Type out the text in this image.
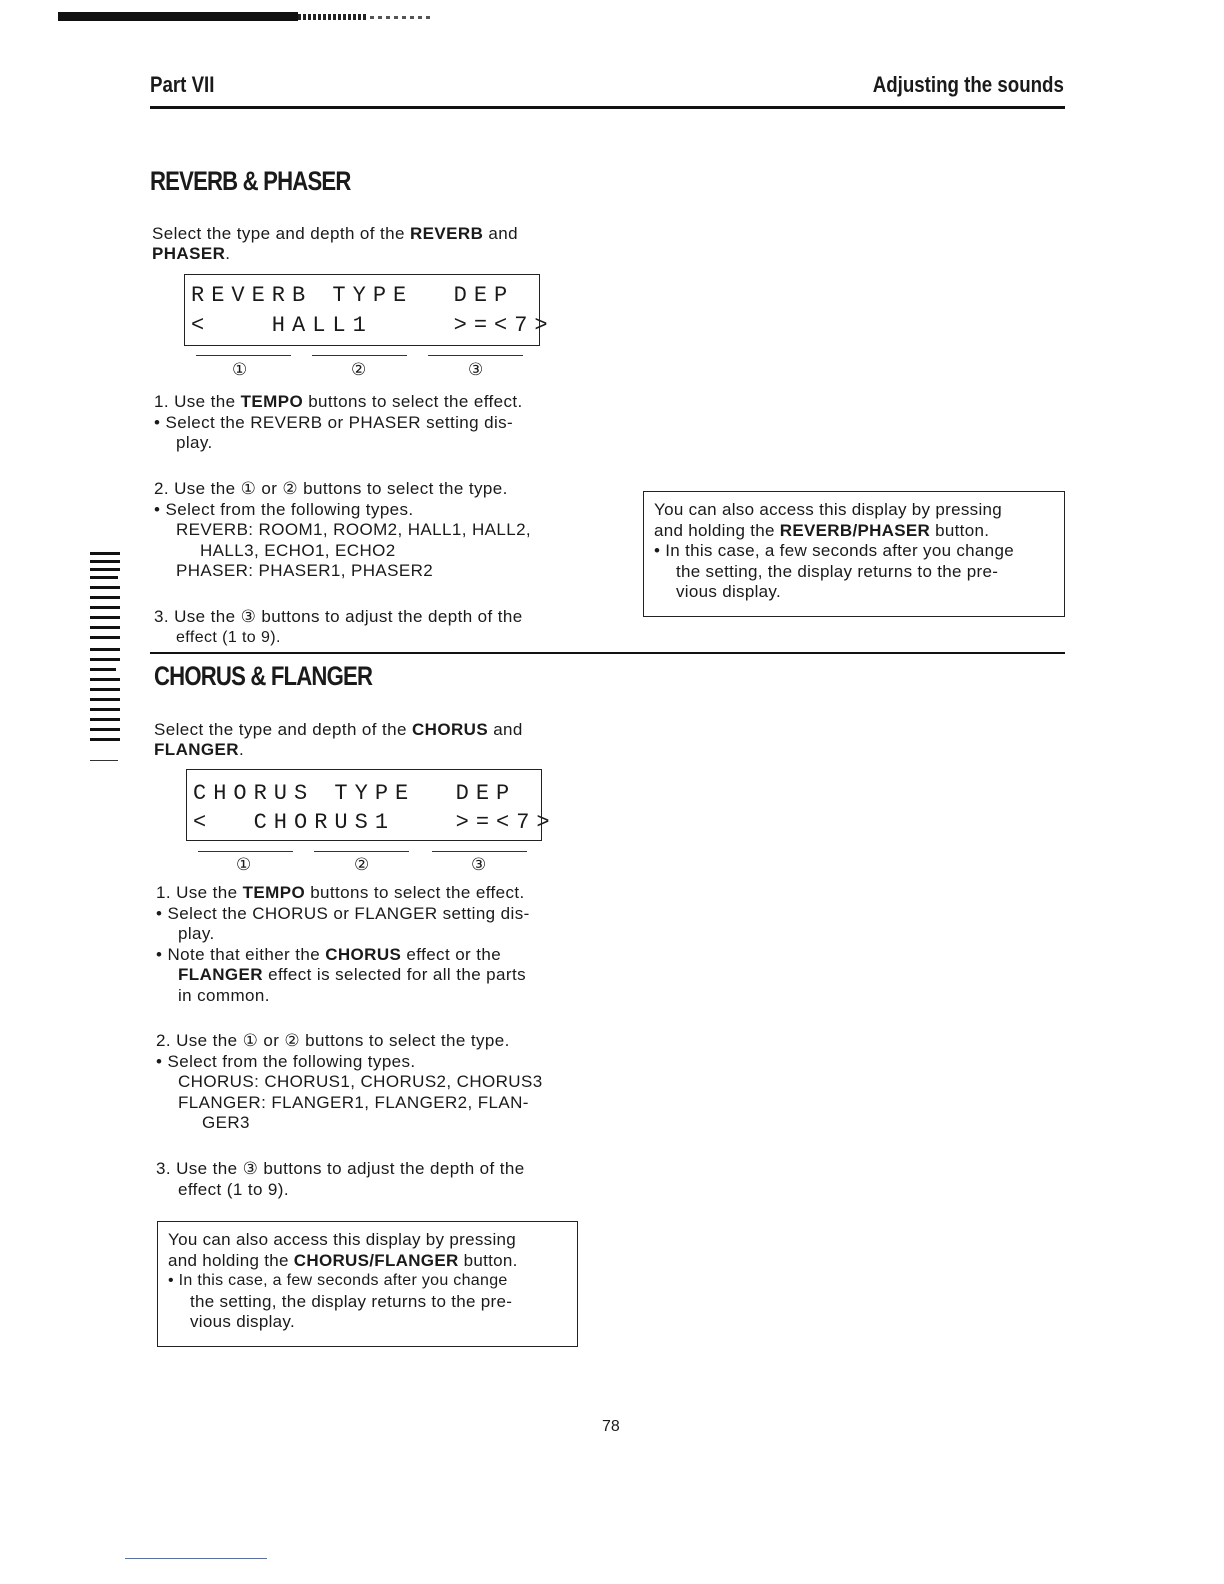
Part VII	Adjusting the sounds
REVERB & PHASER
Select the type and depth of the REVERB and
PHASER.
REVERB TYPE  DEP
<   HALL1    >=<7>
①	②	③
1. Use the TEMPO buttons to select the effect.
• Select the REVERB or PHASER setting dis-
play.
2. Use the ① or ② buttons to select the type.
• Select from the following types.
REVERB: ROOM1, ROOM2, HALL1, HALL2,
HALL3, ECHO1, ECHO2
PHASER: PHASER1, PHASER2
3. Use the ③ buttons to adjust the depth of the
effect (1 to 9).
You can also access this display by pressing
and holding the REVERB/PHASER button.
• In this case, a few seconds after you change
the setting, the display returns to the pre-
vious display.
CHORUS & FLANGER
Select the type and depth of the CHORUS and
FLANGER.
CHORUS TYPE  DEP
<  CHORUS1   >=<7>
①	②	③
1. Use the TEMPO buttons to select the effect.
• Select the CHORUS or FLANGER setting dis-
play.
• Note that either the CHORUS effect or the
FLANGER effect is selected for all the parts
in common.
2. Use the ① or ② buttons to select the type.
• Select from the following types.
CHORUS: CHORUS1, CHORUS2, CHORUS3
FLANGER: FLANGER1, FLANGER2, FLAN-
GER3
3. Use the ③ buttons to adjust the depth of the
effect (1 to 9).
You can also access this display by pressing
and holding the CHORUS/FLANGER button.
• In this case, a few seconds after you change
the setting, the display returns to the pre-
vious display.
78
